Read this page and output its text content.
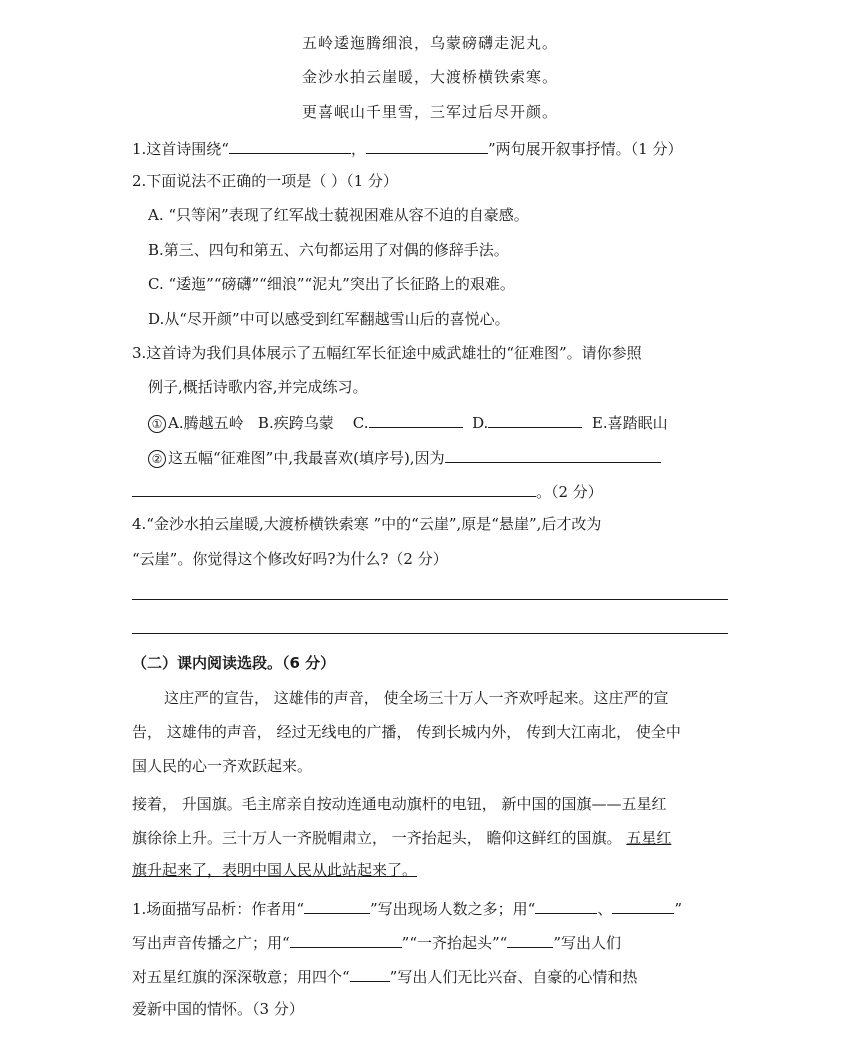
五岭逶迤腾细浪，乌蒙磅礴走泥丸。
金沙水拍云崖暖，大渡桥横铁索寒。
更喜岷山千里雪，三军过后尽开颜。
1.这首诗围绕“	，	”两句展开叙事抒情。（1 分）
2.下面说法不正确的一项是（ ）（1 分）
A. “只等闲”表现了红军战士藐视困难从容不迫的自豪感。
B.第三、四句和第五、六句都运用了对偶的修辞手法。
C. “逶迤”“磅礴”“细浪”“泥丸”突出了长征路上的艰难。
D.从“尽开颜”中可以感受到红军翻越雪山后的喜悦心。
3.这首诗为我们具体展示了五幅红军长征途中威武雄壮的“征难图”。请你参照
例子,概括诗歌内容,并完成练习。
① A.腾越五岭 B.疾跨乌蒙 C.	D.	E.喜踏眠山
② 这五幅“征难图”中,我最喜欢(填序号),因为
。（2 分）
4.“金沙水拍云崖暖,大渡桥横铁索寒 ”中的“云崖”,原是“悬崖”,后才改为
“云崖”。你觉得这个修改好吗?为什么?（2 分）
（二）课内阅读选段。（6 分）
这庄严的宣告， 这雄伟的声音， 使全场三十万人一齐欢呼起来。这庄严的宣
告， 这雄伟的声音， 经过无线电的广播， 传到长城内外， 传到大江南北， 使全中
国人民的心一齐欢跃起来。
接着， 升国旗。毛主席亲自按动连通电动旗杆的电钮， 新中国的国旗——五星红
旗徐徐上升。三十万人一齐脱帽肃立， 一齐抬起头， 瞻仰这鲜红的国旗。 五星红
旗升起来了，表明中国人民从此站起来了。
1.场面描写品析：作者用“	”写出现场人数之多；用“	、	”
写出声音传播之广；用“	”“一齐抬起头”“	”写出人们
对五星红旗的深深敬意；用四个“	”写出人们无比兴奋、自豪的心情和热
爱新中国的情怀。（3 分）
